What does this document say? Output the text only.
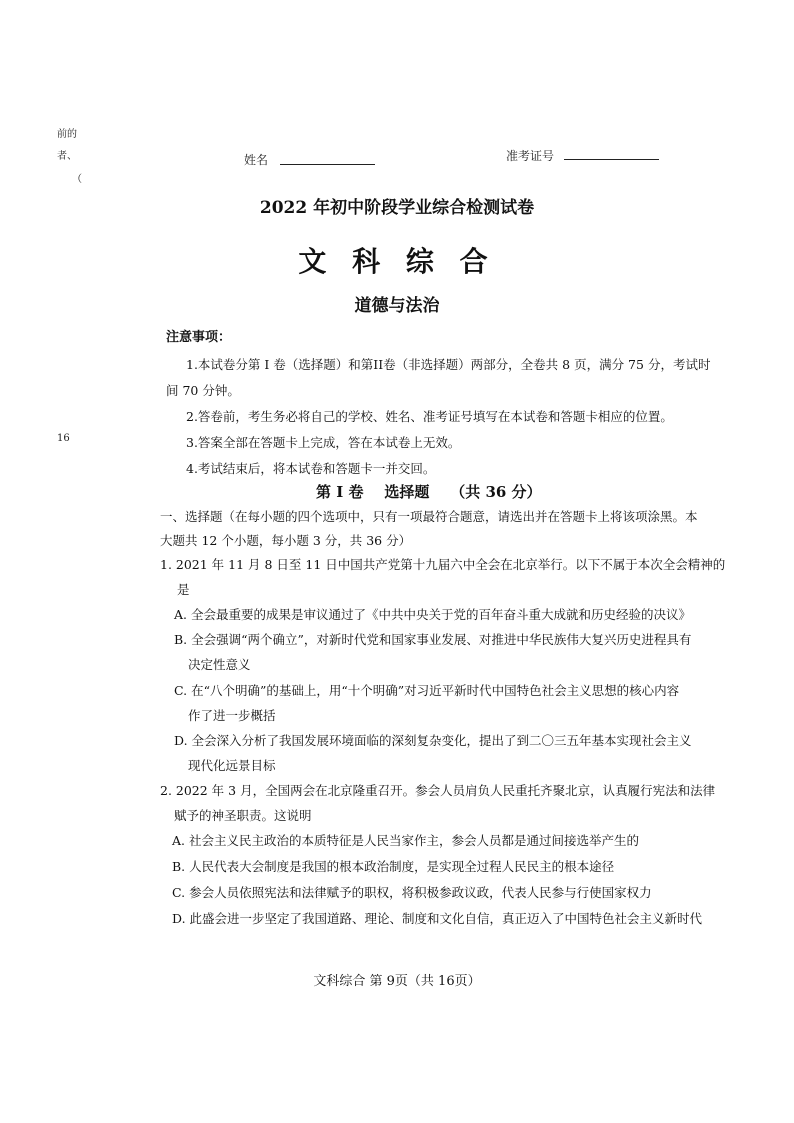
前的
者、
（
16
姓名	准考证号
2022 年初中阶段学业综合检测试卷
文 科 综 合
道德与法治
注意事项：
1.本试卷分第 I 卷（选择题）和第II卷（非选择题）两部分，全卷共 8 页，满分 75 分，考试时
间 70 分钟。
2.答卷前，考生务必将自己的学校、姓名、准考证号填写在本试卷和答题卡相应的位置。
3.答案全部在答题卡上完成，答在本试卷上无效。
4.考试结束后，将本试卷和答题卡一并交回。
第 I 卷    选择题    （共 36 分）
一、选择题（在每小题的四个选项中，只有一项最符合题意，请选出并在答题卡上将该项涂黑。本
大题共 12 个小题，每小题 3 分，共 36 分）
1. 2021 年 11 月 8 日至 11 日中国共产党第十九届六中全会在北京举行。以下不属于本次全会精神的
是
A. 全会最重要的成果是审议通过了《中共中央关于党的百年奋斗重大成就和历史经验的决议》
B. 全会强调“两个确立”，对新时代党和国家事业发展、对推进中华民族伟大复兴历史进程具有
决定性意义
C. 在“八个明确”的基础上，用“十个明确”对习近平新时代中国特色社会主义思想的核心内容
作了进一步概括
D. 全会深入分析了我国发展环境面临的深刻复杂变化，提出了到二〇三五年基本实现社会主义
现代化远景目标
2. 2022 年 3 月，全国两会在北京隆重召开。参会人员肩负人民重托齐聚北京，认真履行宪法和法律
赋予的神圣职责。这说明
A. 社会主义民主政治的本质特征是人民当家作主，参会人员都是通过间接选举产生的
B. 人民代表大会制度是我国的根本政治制度，是实现全过程人民民主的根本途径
C. 参会人员依照宪法和法律赋予的职权，将积极参政议政，代表人民参与行使国家权力
D. 此盛会进一步坚定了我国道路、理论、制度和文化自信，真正迈入了中国特色社会主义新时代
文科综合 第 9页（共 16页）
